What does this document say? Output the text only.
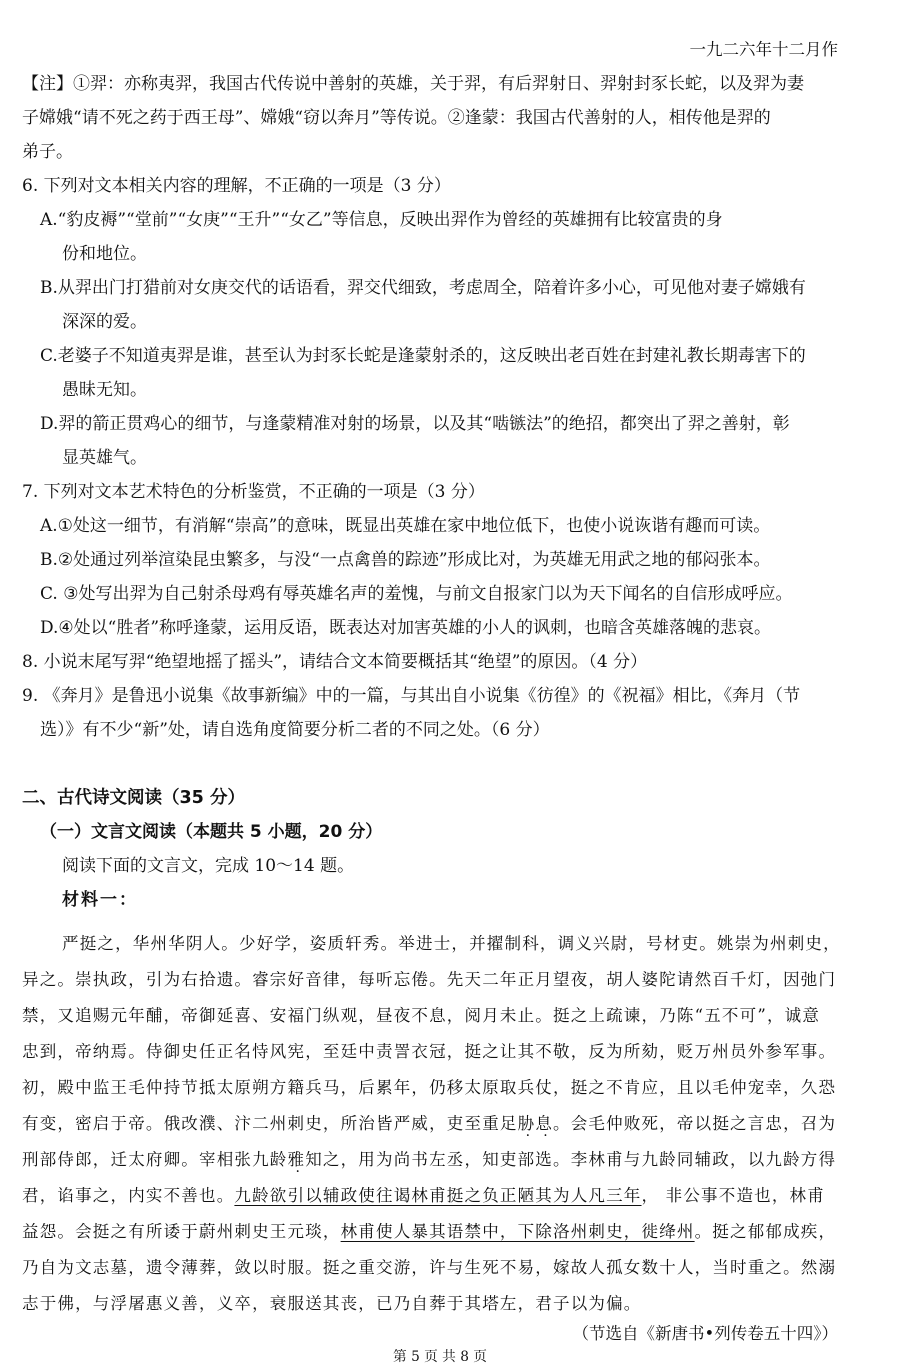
一九二六年十二月作
【注】①羿：亦称夷羿，我国古代传说中善射的英雄，关于羿，有后羿射日、羿射封豕长蛇，以及羿为妻
子嫦娥“请不死之药于西王母”、嫦娥“窃以奔月”等传说。②逢蒙：我国古代善射的人，相传他是羿的
弟子。
6. 下列对文本相关内容的理解，不正确的一项是（3 分）
A.“豹皮褥”“堂前”“女庚”“王升”“女乙”等信息，反映出羿作为曾经的英雄拥有比较富贵的身
份和地位。
B.从羿出门打猎前对女庚交代的话语看，羿交代细致，考虑周全，陪着许多小心，可见他对妻子嫦娥有
深深的爱。
C.老婆子不知道夷羿是谁，甚至认为封豕长蛇是逢蒙射杀的，这反映出老百姓在封建礼教长期毒害下的
愚昧无知。
D.羿的箭正贯鸡心的细节，与逢蒙精准对射的场景，以及其“啮镞法”的绝招，都突出了羿之善射，彰
显英雄气。
7. 下列对文本艺术特色的分析鉴赏，不正确的一项是（3 分）
A.①处这一细节，有消解“崇高”的意味，既显出英雄在家中地位低下，也使小说诙谐有趣而可读。
B.②处通过列举渲染昆虫繁多，与没“一点禽兽的踪迹”形成比对，为英雄无用武之地的郁闷张本。
C. ③处写出羿为自己射杀母鸡有辱英雄名声的羞愧，与前文自报家门以为天下闻名的自信形成呼应。
D.④处以“胜者”称呼逢蒙，运用反语，既表达对加害英雄的小人的讽刺，也暗含英雄落魄的悲哀。
8. 小说末尾写羿“绝望地摇了摇头”，请结合文本简要概括其“绝望”的原因。（4 分）
9. 《奔月》是鲁迅小说集《故事新编》中的一篇，与其出自小说集《彷徨》的《祝福》相比，《奔月（节
选）》有不少“新”处，请自选角度简要分析二者的不同之处。（6 分）
二、古代诗文阅读（35 分）
（一）文言文阅读（本题共 5 小题，20 分）
阅读下面的文言文，完成 10～14 题。
材料一：
严挺之，华州华阴人。少好学，姿质轩秀。举进士，并擢制科，调义兴尉，号材吏。姚崇为州刺史，
异之。崇执政，引为右拾遗。睿宗好音律，每听忘倦。先天二年正月望夜，胡人婆陀请然百千灯，因弛门
禁，又追赐元年酺，帝御延喜、安福门纵观，昼夜不息，阅月未止。挺之上疏谏，乃陈“五不可”，诚意
忠到，帝纳焉。侍御史任正名恃风宪，至廷中责詈衣冠，挺之让其不敬，反为所劾，贬万州员外参军事。
初，殿中监王毛仲持节抵太原朔方籍兵马，后累年，仍移太原取兵仗，挺之不肯应，且以毛仲宠幸，久恐
有变，密启于帝。俄改濮、汴二州刺史，所治皆严威，吏至重足胁息。会毛仲败死，帝以挺之言忠，召为
刑部侍郎，迁太府卿。宰相张九龄雅知之，用为尚书左丞，知吏部选。李林甫与九龄同辅政，以九龄方得
君，谄事之，内实不善也。九龄欲引以辅政使往谒林甫挺之负正陋其为人凡三年， 非公事不造也，林甫
益怨。会挺之有所诿于蔚州刺史王元琰，林甫使人暴其语禁中，下除洛州刺史，徙绛州。挺之郁郁成疾，
乃自为文志墓，遗令薄葬，敛以时服。挺之重交游，许与生死不易，嫁故人孤女数十人，当时重之。然溺
志于佛，与浮屠惠义善，义卒，衰服送其丧，已乃自葬于其塔左，君子以为偏。
（节选自《新唐书•列传卷五十四》）
第 5 页 共 8 页
